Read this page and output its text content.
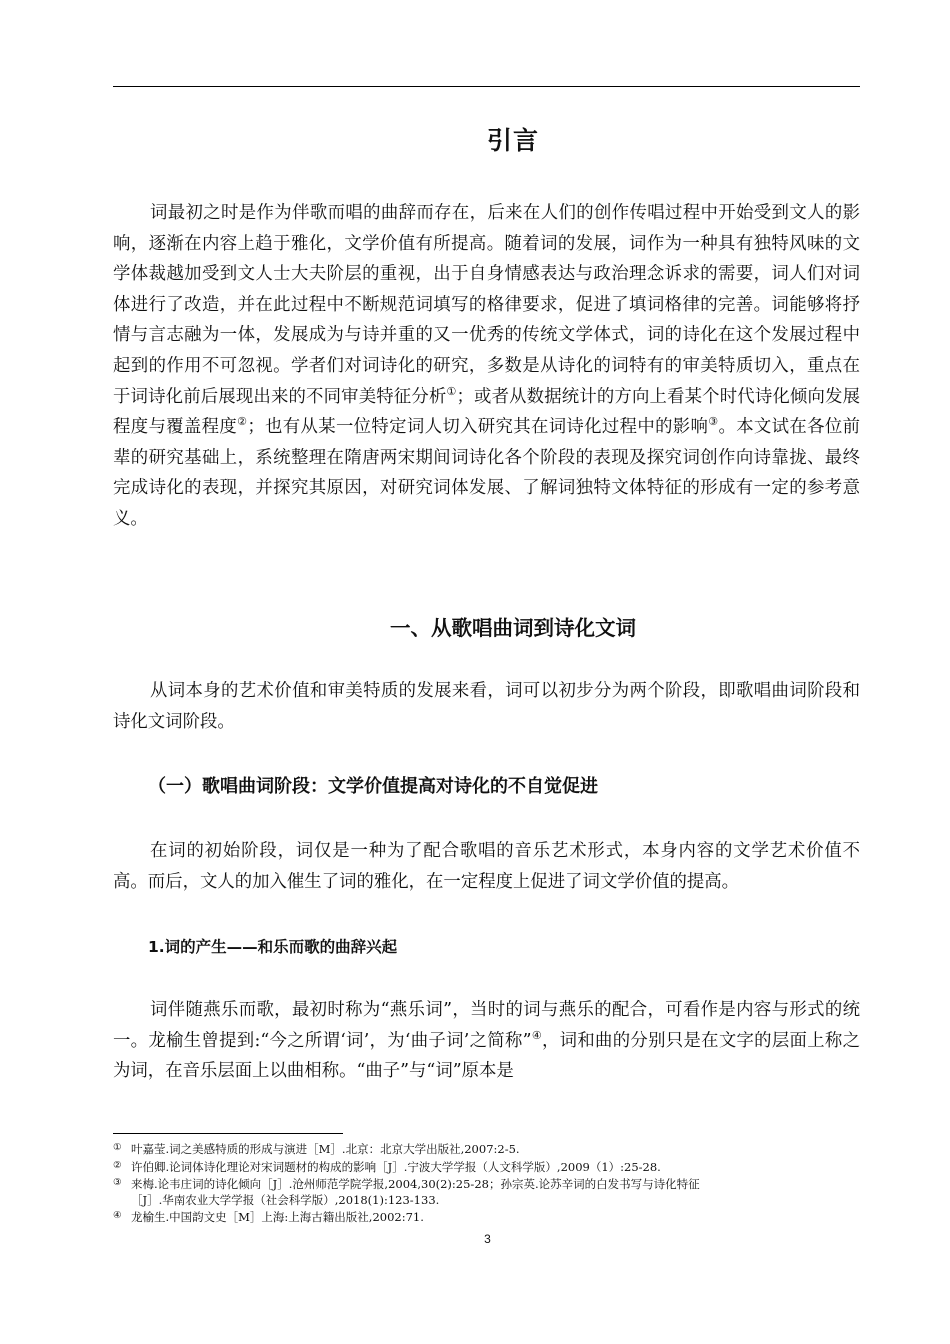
引言

词最初之时是作为伴歌而唱的曲辞而存在，后来在人们的创作传唱过程中开始受到文人的影响，逐渐在内容上趋于雅化，文学价值有所提高。随着词的发展，词作为一种具有独特风味的文学体裁越加受到文人士大夫阶层的重视，出于自身情感表达与政治理念诉求的需要，词人们对词体进行了改造，并在此过程中不断规范词填写的格律要求，促进了填词格律的完善。词能够将抒情与言志融为一体，发展成为与诗并重的又一优秀的传统文学体式，词的诗化在这个发展过程中起到的作用不可忽视。学者们对词诗化的研究，多数是从诗化的词特有的审美特质切入，重点在于词诗化前后展现出来的不同审美特征分析①；或者从数据统计的方向上看某个时代诗化倾向发展程度与覆盖程度②；也有从某一位特定词人切入研究其在词诗化过程中的影响③。本文试在各位前辈的研究基础上，系统整理在隋唐两宋期间词诗化各个阶段的表现及探究词创作向诗靠拢、最终完成诗化的表现，并探究其原因，对研究词体发展、了解词独特文体特征的形成有一定的参考意义。

一、从歌唱曲词到诗化文词

从词本身的艺术价值和审美特质的发展来看，词可以初步分为两个阶段，即歌唱曲词阶段和诗化文词阶段。

（一）歌唱曲词阶段：文学价值提高对诗化的不自觉促进

在词的初始阶段，词仅是一种为了配合歌唱的音乐艺术形式，本身内容的文学艺术价值不高。而后，文人的加入催生了词的雅化，在一定程度上促进了词文学价值的提高。

1.词的产生——和乐而歌的曲辞兴起

词伴随燕乐而歌，最初时称为“燕乐词”，当时的词与燕乐的配合，可看作是内容与形式的统一。龙榆生曾提到:“今之所谓‘词’，为‘曲子词’之简称”④，词和曲的分别只是在文字的层面上称之为词，在音乐层面上以曲相称。“曲子”与“词”原本是

① 叶嘉莹.词之美感特质的形成与演进［M］.北京：北京大学出版社,2007:2-5.

② 许伯卿.论词体诗化理论对宋词题材的构成的影响［J］.宁波大学学报（人文科学版）,2009（1）:25-28.

③ 来梅.论韦庄词的诗化倾向［J］.沧州师范学院学报,2004,30(2):25-28；孙宗英.论苏辛词的白发书写与诗化特征

［J］.华南农业大学学报（社会科学版）,2018(1):123-133.

④ 龙榆生.中国韵文史［M］上海:上海古籍出版社,2002:71.

3
